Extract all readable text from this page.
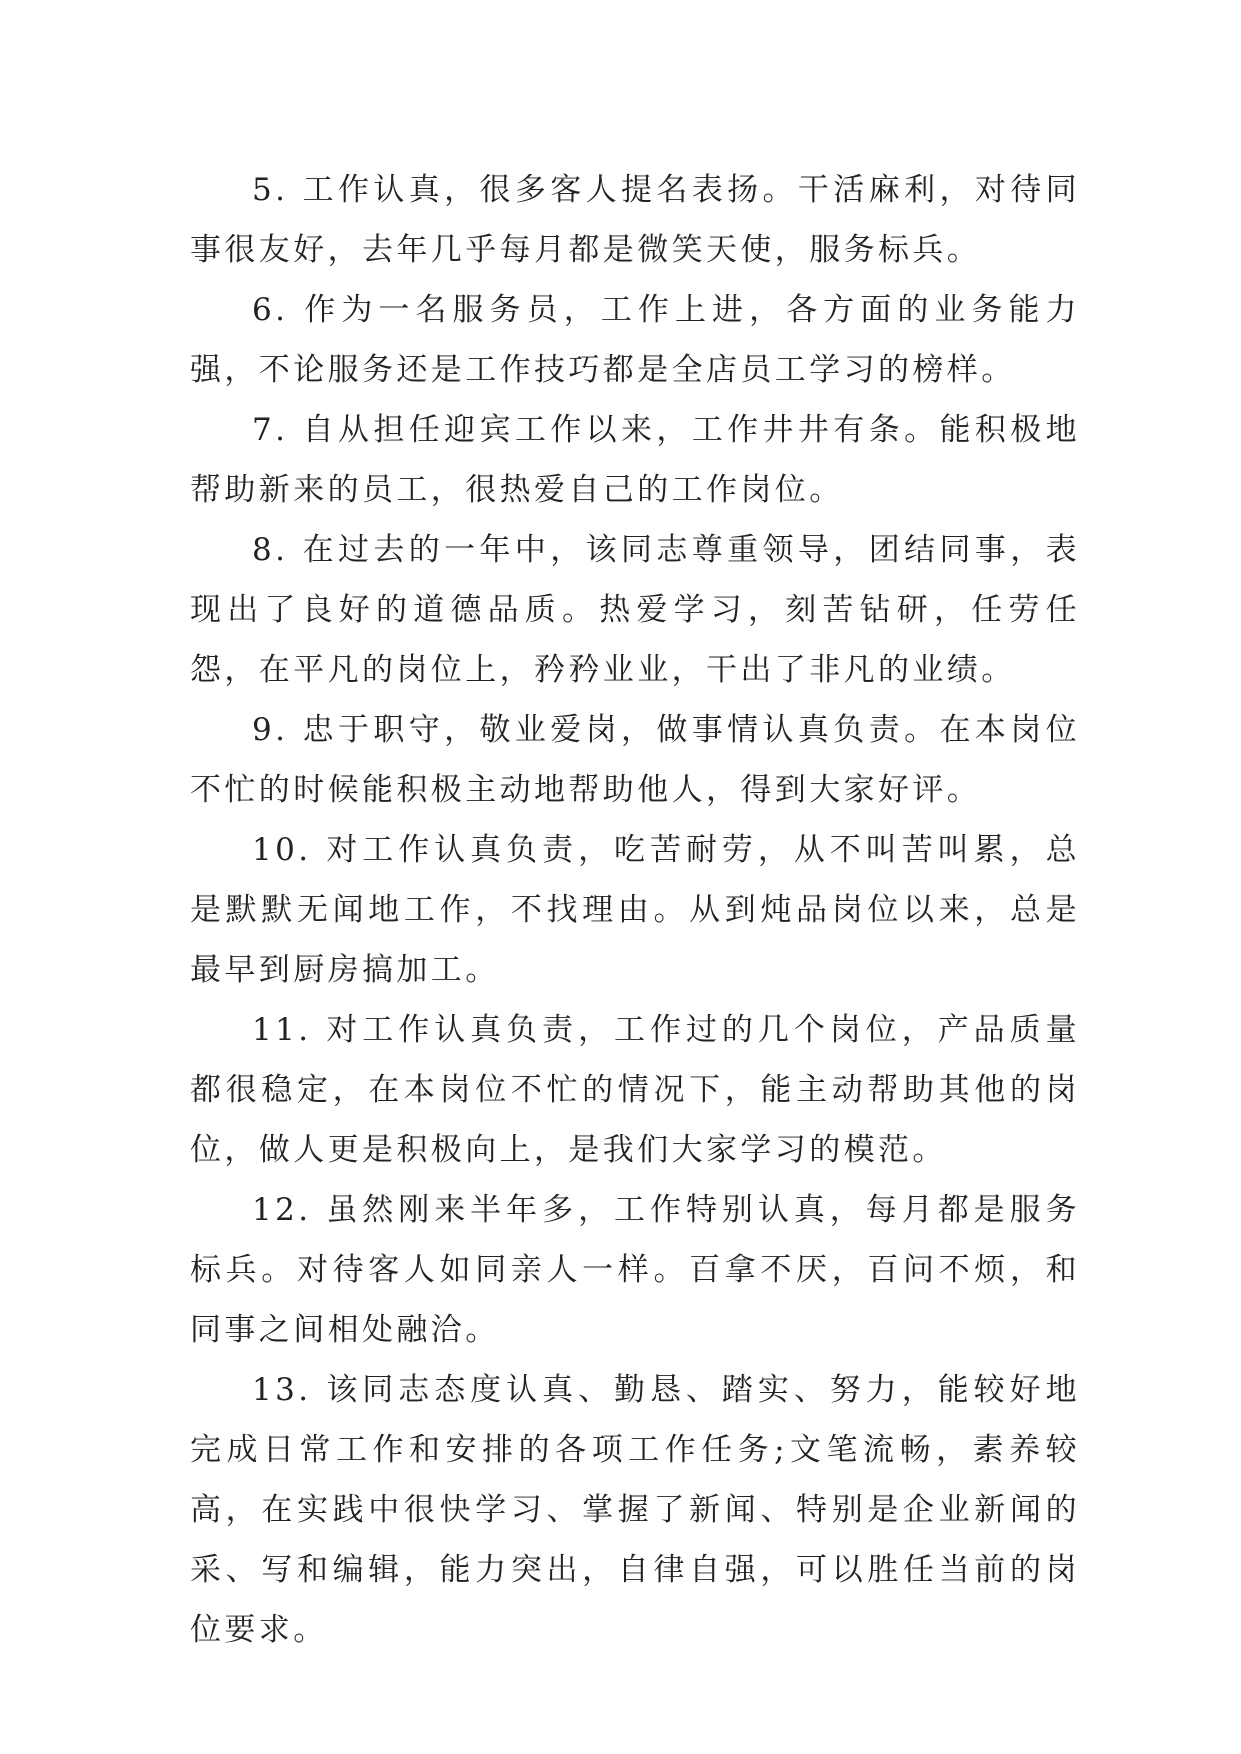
5. 工作认真，很多客人提名表扬。干活麻利，对待同事很友好，去年几乎每月都是微笑天使，服务标兵。

6. 作为一名服务员，工作上进，各方面的业务能力强，不论服务还是工作技巧都是全店员工学习的榜样。

7. 自从担任迎宾工作以来，工作井井有条。能积极地帮助新来的员工，很热爱自己的工作岗位。

8. 在过去的一年中，该同志尊重领导，团结同事，表现出了良好的道德品质。热爱学习，刻苦钻研，任劳任怨，在平凡的岗位上，矜矜业业，干出了非凡的业绩。

9. 忠于职守，敬业爱岗，做事情认真负责。在本岗位不忙的时候能积极主动地帮助他人，得到大家好评。

10. 对工作认真负责，吃苦耐劳，从不叫苦叫累，总是默默无闻地工作，不找理由。从到炖品岗位以来，总是最早到厨房搞加工。

11. 对工作认真负责，工作过的几个岗位，产品质量都很稳定，在本岗位不忙的情况下，能主动帮助其他的岗位，做人更是积极向上，是我们大家学习的模范。

12. 虽然刚来半年多，工作特别认真，每月都是服务标兵。对待客人如同亲人一样。百拿不厌，百问不烦，和同事之间相处融洽。

13. 该同志态度认真、勤恳、踏实、努力，能较好地完成日常工作和安排的各项工作任务;文笔流畅，素养较高，在实践中很快学习、掌握了新闻、特别是企业新闻的采、写和编辑，能力突出，自律自强，可以胜任当前的岗位要求。
